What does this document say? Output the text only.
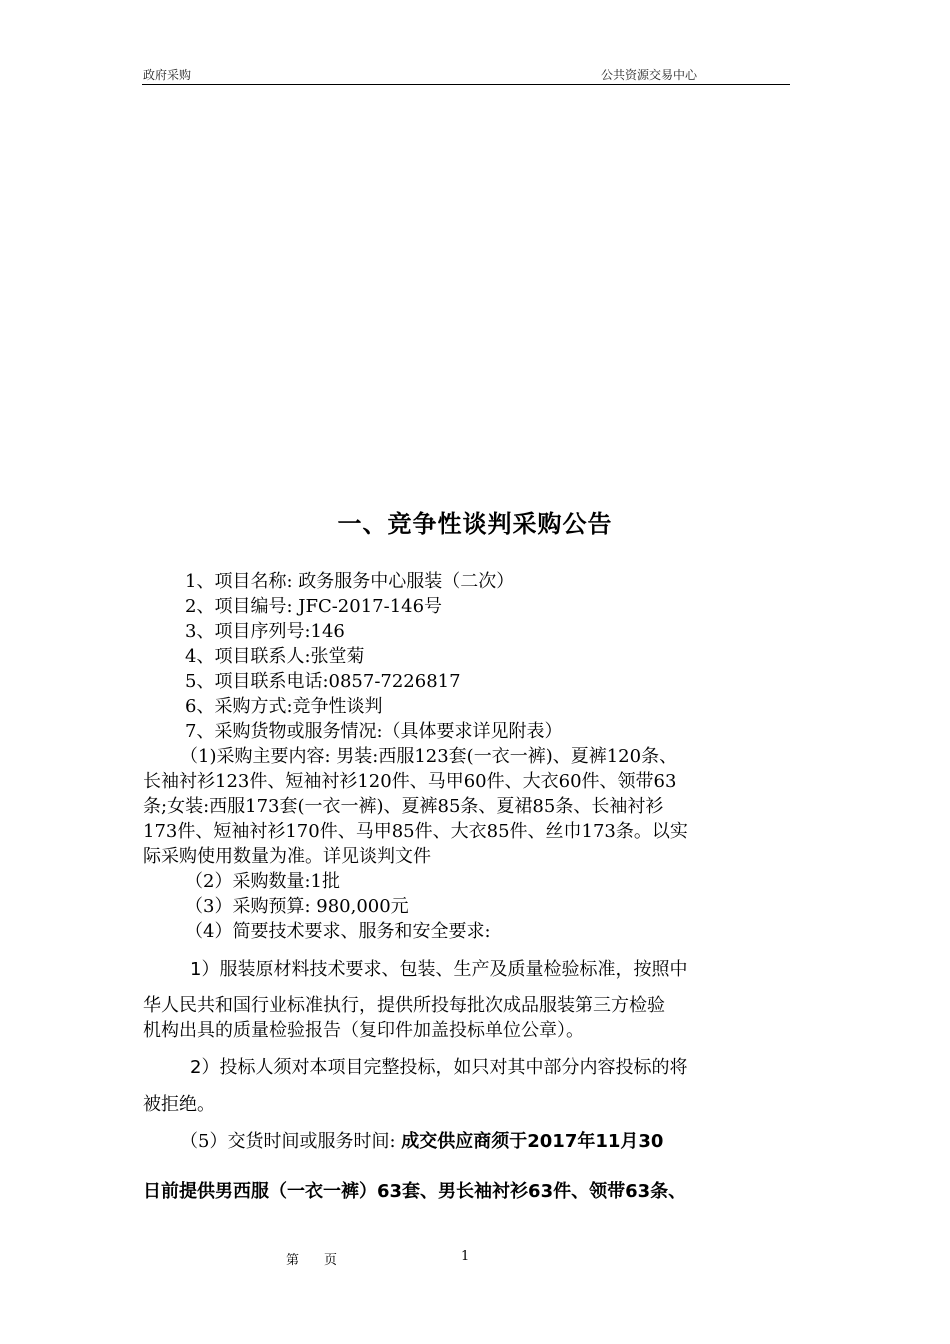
政府采购	公共资源交易中心
一、竞争性谈判采购公告
1、项目名称: 政务服务中心服装（二次）
2、项目编号: JFC-2017-146号
3、项目序列号:146
4、项目联系人:张堂菊
5、项目联系电话:0857-7226817
6、采购方式:竞争性谈判
7、采购货物或服务情况:（具体要求详见附表）
（1)采购主要内容: 男装:西服123套(一衣一裤)、夏裤120条、
长袖衬衫123件、短袖衬衫120件、马甲60件、大衣60件、领带63
条;女装:西服173套(一衣一裤)、夏裤85条、夏裙85条、长袖衬衫
173件、短袖衬衫170件、马甲85件、大衣85件、丝巾173条。以实
际采购使用数量为准。详见谈判文件
（2）采购数量:1批
（3）采购预算: 980,000元
（4）简要技术要求、服务和安全要求:
1）服装原材料技术要求、包装、生产及质量检验标准，按照中
华人民共和国行业标准执行，提供所投每批次成品服装第三方检验
机构出具的质量检验报告（复印件加盖投标单位公章）。
2）投标人须对本项目完整投标，如只对其中部分内容投标的将
被拒绝。
（5）交货时间或服务时间: 成交供应商须于2017年11月30
日前提供男西服（一衣一裤）63套、男长袖衬衫63件、领带63条、
第 页	1
